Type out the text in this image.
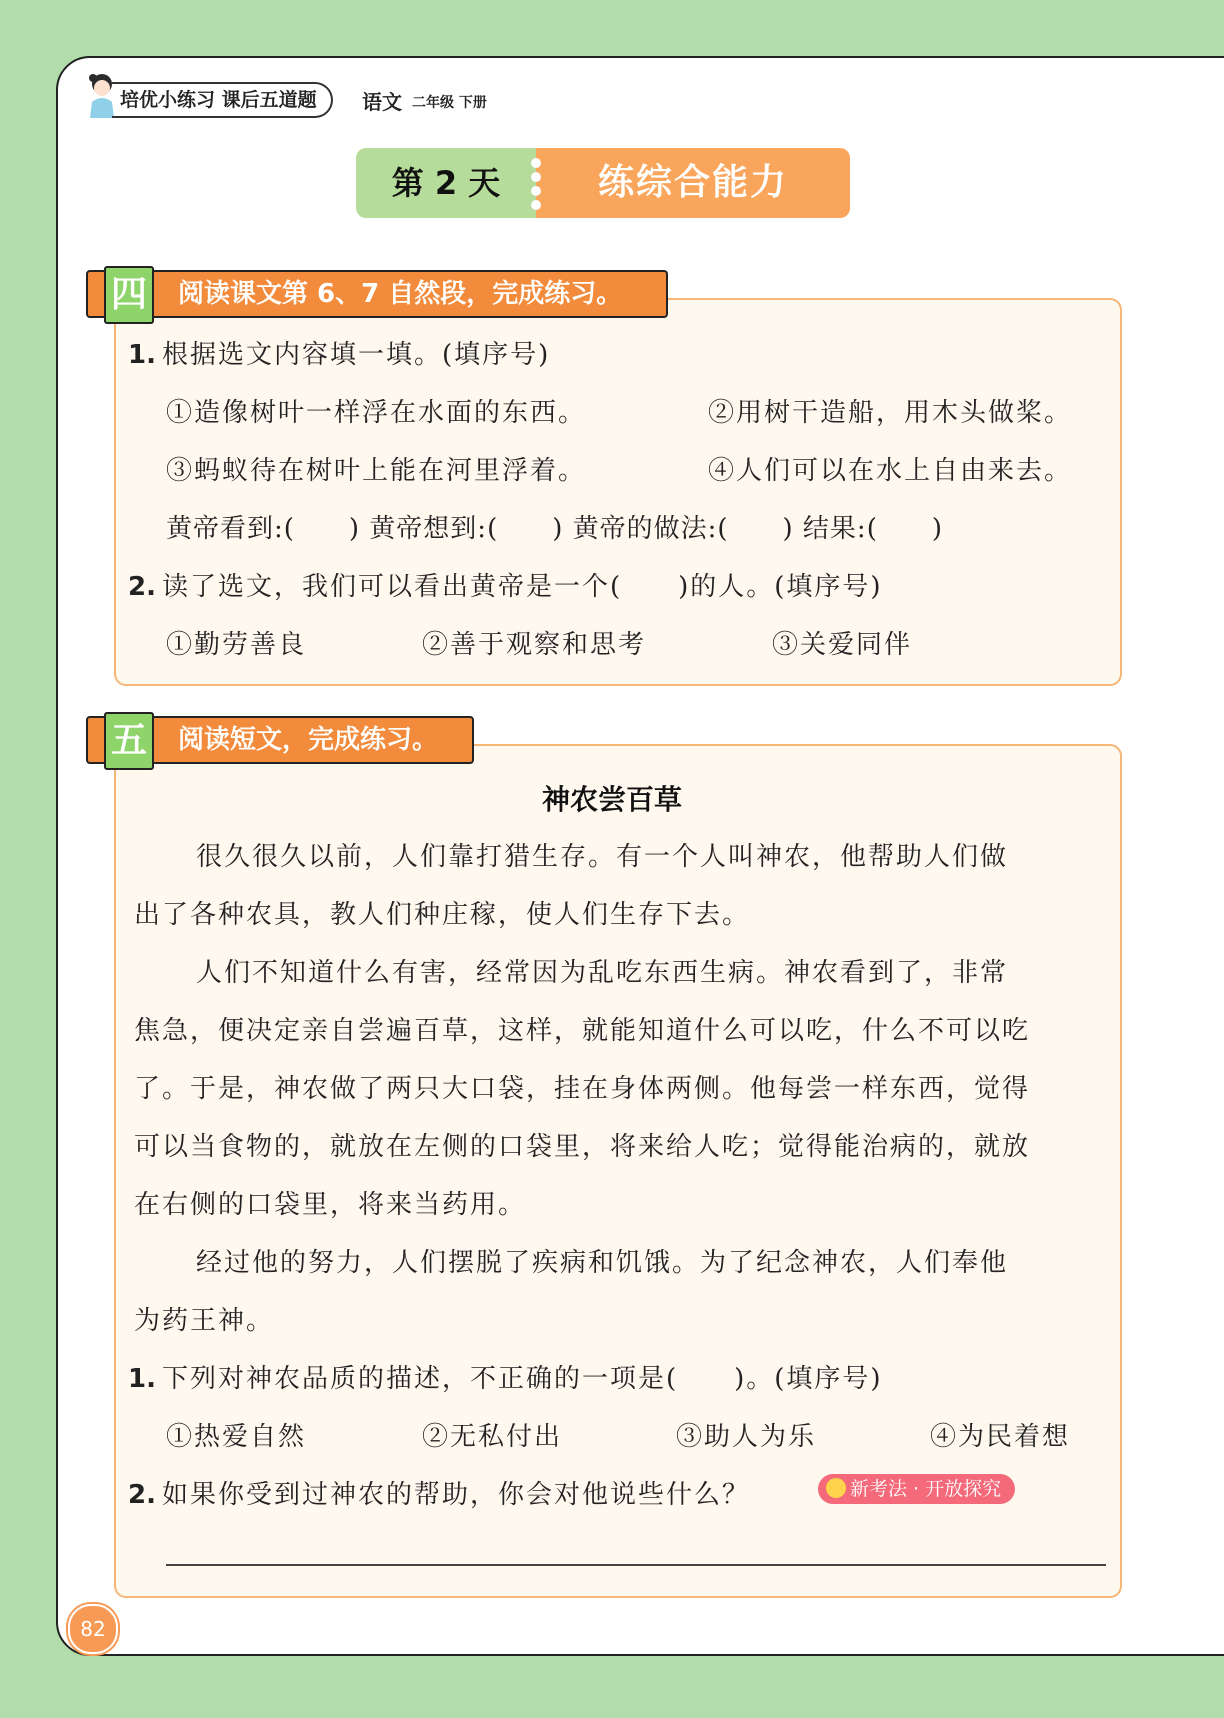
培优小练习 课后五道题	语文 二年级 下册
第 2 天	练综合能力
阅读课文第 6、7 自然段，完成练习。
四
1. 根据选文内容填一填。(填序号)
①造像树叶一样浮在水面的东西。	②用树干造船，用木头做桨。
③蚂蚁待在树叶上能在河里浮着。	④人们可以在水上自由来去。
黄帝看到:(　　) 黄帝想到:(　　) 黄帝的做法:(　　) 结果:(　　)
2. 读了选文，我们可以看出黄帝是一个(　　)的人。(填序号)
①勤劳善良	②善于观察和思考	③关爱同伴
阅读短文，完成练习。
五
神农尝百草
很久很久以前，人们靠打猎生存。有一个人叫神农，他帮助人们做
出了各种农具，教人们种庄稼，使人们生存下去。
人们不知道什么有害，经常因为乱吃东西生病。神农看到了，非常
焦急，便决定亲自尝遍百草，这样，就能知道什么可以吃，什么不可以吃
了。于是，神农做了两只大口袋，挂在身体两侧。他每尝一样东西，觉得
可以当食物的，就放在左侧的口袋里，将来给人吃；觉得能治病的，就放
在右侧的口袋里，将来当药用。
经过他的努力，人们摆脱了疾病和饥饿。为了纪念神农，人们奉他
为药王神。
1. 下列对神农品质的描述，不正确的一项是(　　)。(填序号)
①热爱自然	②无私付出	③助人为乐	④为民着想
2. 如果你受到过神农的帮助，你会对他说些什么？	新考法 · 开放探究
82
